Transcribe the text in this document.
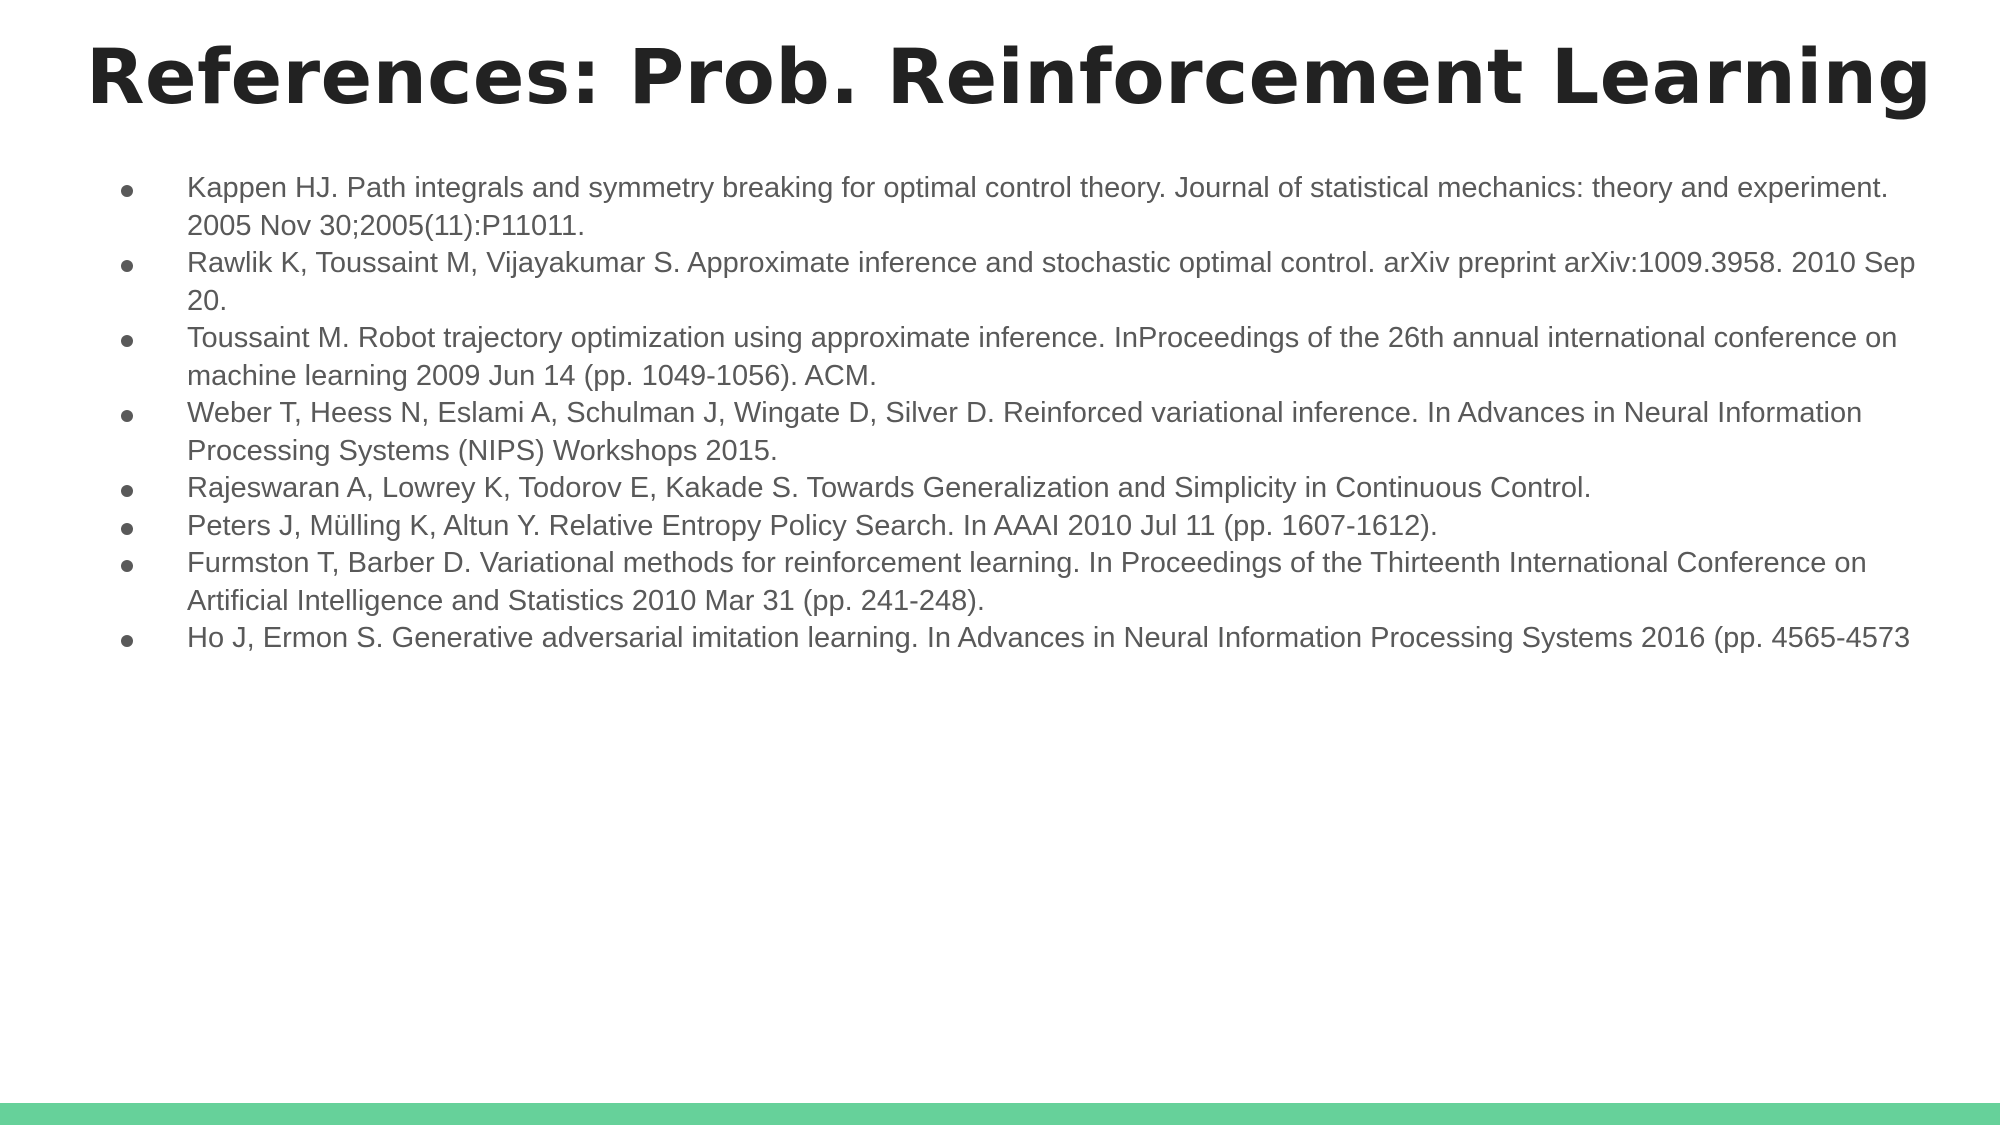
References: Prob. Reinforcement Learning
Kappen HJ. Path integrals and symmetry breaking for optimal control theory. Journal of statistical mechanics: theory and experiment. 2005 Nov 30;2005(11):P11011.
Rawlik K, Toussaint M, Vijayakumar S. Approximate inference and stochastic optimal control. arXiv preprint arXiv:1009.3958. 2010 Sep 20.
Toussaint M. Robot trajectory optimization using approximate inference. InProceedings of the 26th annual international conference on machine learning 2009 Jun 14 (pp. 1049-1056). ACM.
Weber T, Heess N, Eslami A, Schulman J, Wingate D, Silver D. Reinforced variational inference. In Advances in Neural Information Processing Systems (NIPS) Workshops 2015.
Rajeswaran A, Lowrey K, Todorov E, Kakade S. Towards Generalization and Simplicity in Continuous Control.
Peters J, Mülling K, Altun Y. Relative Entropy Policy Search. In AAAI 2010 Jul 11 (pp. 1607-1612).
Furmston T, Barber D. Variational methods for reinforcement learning. In Proceedings of the Thirteenth International Conference on Artificial Intelligence and Statistics 2010 Mar 31 (pp. 241-248).
Ho J, Ermon S. Generative adversarial imitation learning. In Advances in Neural Information Processing Systems 2016 (pp. 4565-4573
